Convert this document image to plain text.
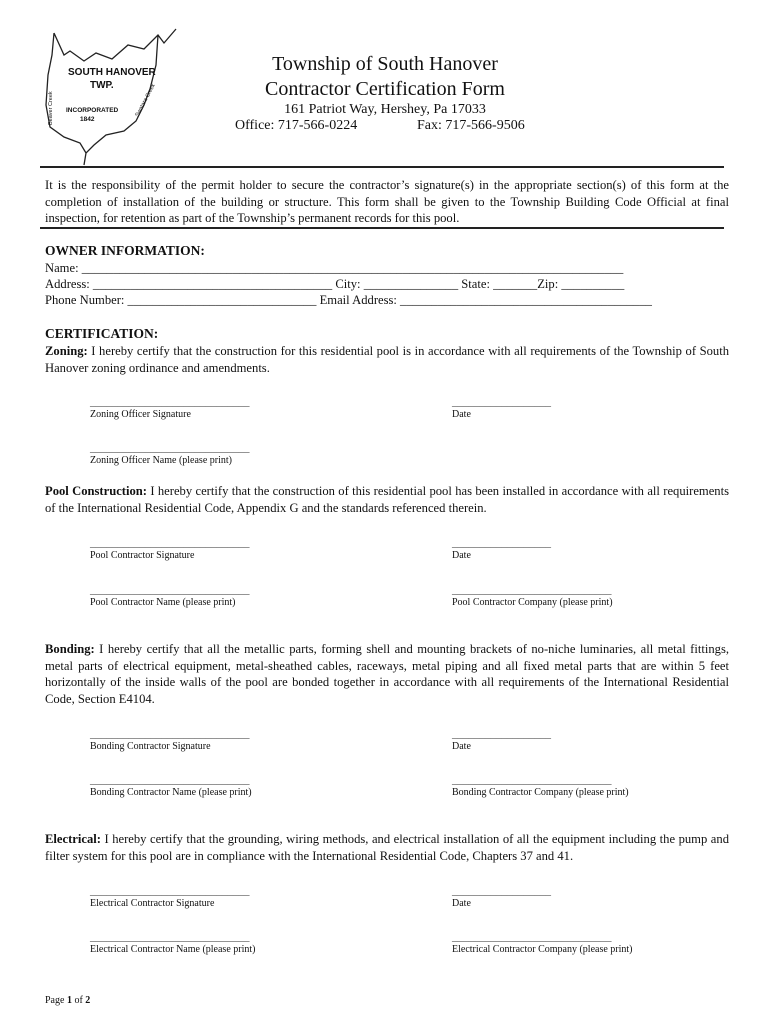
SOUTH HANOVER
TWP.
INCORPORATED
1842
Beaver Creek	Swatara Creek
Township of South Hanover
Contractor Certification Form
161 Patriot Way, Hershey, Pa 17033
Office: 717-566-0224	Fax: 717-566-9506
It is the responsibility of the permit holder to secure the contractor’s signature(s) in the appropriate section(s) of this form at the completion of installation of the building or structure. This form shall be given to the Township Building Code Official at final inspection, for retention as part of the Township’s permanent records for this pool.
OWNER INFORMATION:
Name: ______________________________________________________________________________________
Address: ______________________________________ City: _______________ State: _______Zip: __________
Phone Number: ______________________________ Email Address: ________________________________________
CERTIFICATION:
Zoning: I hereby certify that the construction for this residential pool is in accordance with all requirements of the Township of South Hanover zoning ordinance and amendments.
_____________________________
Zoning Officer Signature
__________________
Date
_____________________________
Zoning Officer Name (please print)
Pool Construction: I hereby certify that the construction of this residential pool has been installed in accordance with all requirements of the International Residential Code, Appendix G and the standards referenced therein.
_____________________________
Pool Contractor Signature
__________________
Date
_____________________________
Pool Contractor Name (please print)
_____________________________
Pool Contractor Company (please print)
Bonding: I hereby certify that all the metallic parts, forming shell and mounting brackets of no-niche luminaries, all metal fittings, metal parts of electrical equipment, metal-sheathed cables, raceways, metal piping and all fixed metal parts that are within 5 feet horizontally of the inside walls of the pool are bonded together in accordance with all requirements of the International Residential Code, Section E4104.
_____________________________
Bonding Contractor Signature
__________________
Date
_____________________________
Bonding Contractor Name (please print)
_____________________________
Bonding Contractor Company (please print)
Electrical: I hereby certify that the grounding, wiring methods, and electrical installation of all the equipment including the pump and filter system for this pool are in compliance with the International Residential Code, Chapters 37 and 41.
_____________________________
Electrical Contractor Signature
__________________
Date
_____________________________
Electrical Contractor Name (please print)
_____________________________
Electrical Contractor Company (please print)
Page 1 of 2
